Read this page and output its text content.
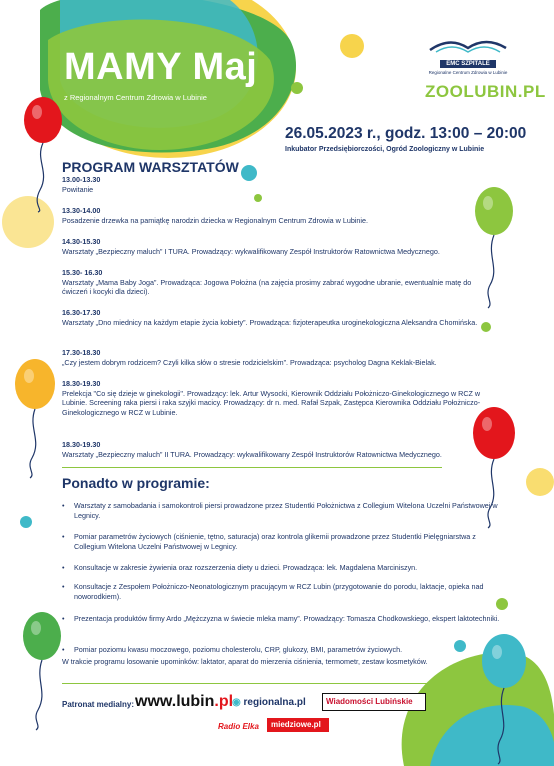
MAMY Maj
z Regionalnym Centrum Zdrowia w Lubinie
EMC SZPITALE
Regionalne Centrum Zdrowia w Lubinie
ZOOLUBIN.PL
26.05.2023 r., godz. 13:00 – 20:00
Inkubator Przedsiębiorczości, Ogród Zoologiczny w Lubinie
PROGRAM WARSZTATÓW
13.00-13.30
Powitanie
13.30-14.00
Posadzenie drzewka na pamiątkę narodzin dziecka w Regionalnym Centrum Zdrowia w Lubinie.
14.30-15.30
Warsztaty „Bezpieczny maluch” I TURA. Prowadzący: wykwalifikowany Zespół Instruktorów Ratownictwa Medycznego.
15.30- 16.30
Warsztaty „Mama Baby Joga”. Prowadząca: Jogowa Położna (na zajęcia prosimy zabrać wygodne ubranie, ewentualnie matę do ćwiczeń i kocyki dla dzieci).
16.30-17.30
Warsztaty „Dno miednicy na każdym etapie życia kobiety”. Prowadząca: fizjoterapeutka uroginekologiczna Aleksandra Chomińska.
17.30-18.30
„Czy jestem dobrym rodzicem? Czyli kilka słów o stresie rodzicielskim”. Prowadząca: psycholog Dagna Keklak-Bielak.
18.30-19.30
Prelekcja "Co się dzieje w ginekologii". Prowadzący: lek. Artur Wysocki, Kierownik Oddziału Położniczo-Ginekologicznego w RCZ w Lubinie. Screening raka piersi i raka szyjki macicy. Prowadzący: dr n. med. Rafał Szpak, Zastępca Kierownika Oddziału Położniczo-Ginekologicznego w RCZ w Lubinie.
18.30-19.30
Warsztaty „Bezpieczny maluch” II TURA. Prowadzący: wykwalifikowany Zespół Instruktorów Ratownictwa Medycznego.
Ponadto w programie:
• Warsztaty z samobadania i samokontroli piersi prowadzone przez Studentki Położnictwa z Collegium Witelona Uczelni Państwowej w Legnicy.
• Pomiar parametrów życiowych (ciśnienie, tętno, saturacja) oraz kontrola glikemii prowadzone przez Studentki Pielęgniarstwa z Collegium Witelona Uczelni Państwowej w Legnicy.
• Konsultacje w zakresie żywienia oraz rozszerzenia diety u dzieci. Prowadząca: lek. Magdalena Marciniszyn.
• Konsultacje z Zespołem Położniczo-Neonatologicznym pracującym w RCZ Lubin (przygotowanie do porodu, laktacje, opieka nad noworodkiem).
• Prezentacja produktów firmy Ardo „Mężczyzna w świecie mleka mamy”. Prowadzący: Tomasza Chodkowskiego, ekspert laktotechniki.
• Pomiar poziomu kwasu moczowego, poziomu cholesterolu, CRP, glukozy, BMI, parametrów życiowych.
W trakcie programu losowanie upominków: laktator, aparat do mierzenia ciśnienia, termometr, zestaw kosmetyków.
Patronat medialny: www.lubin.pl
◉ regionalna.pl	Wiadomości Lubińskie
Radio Elka miedziowe.pl
